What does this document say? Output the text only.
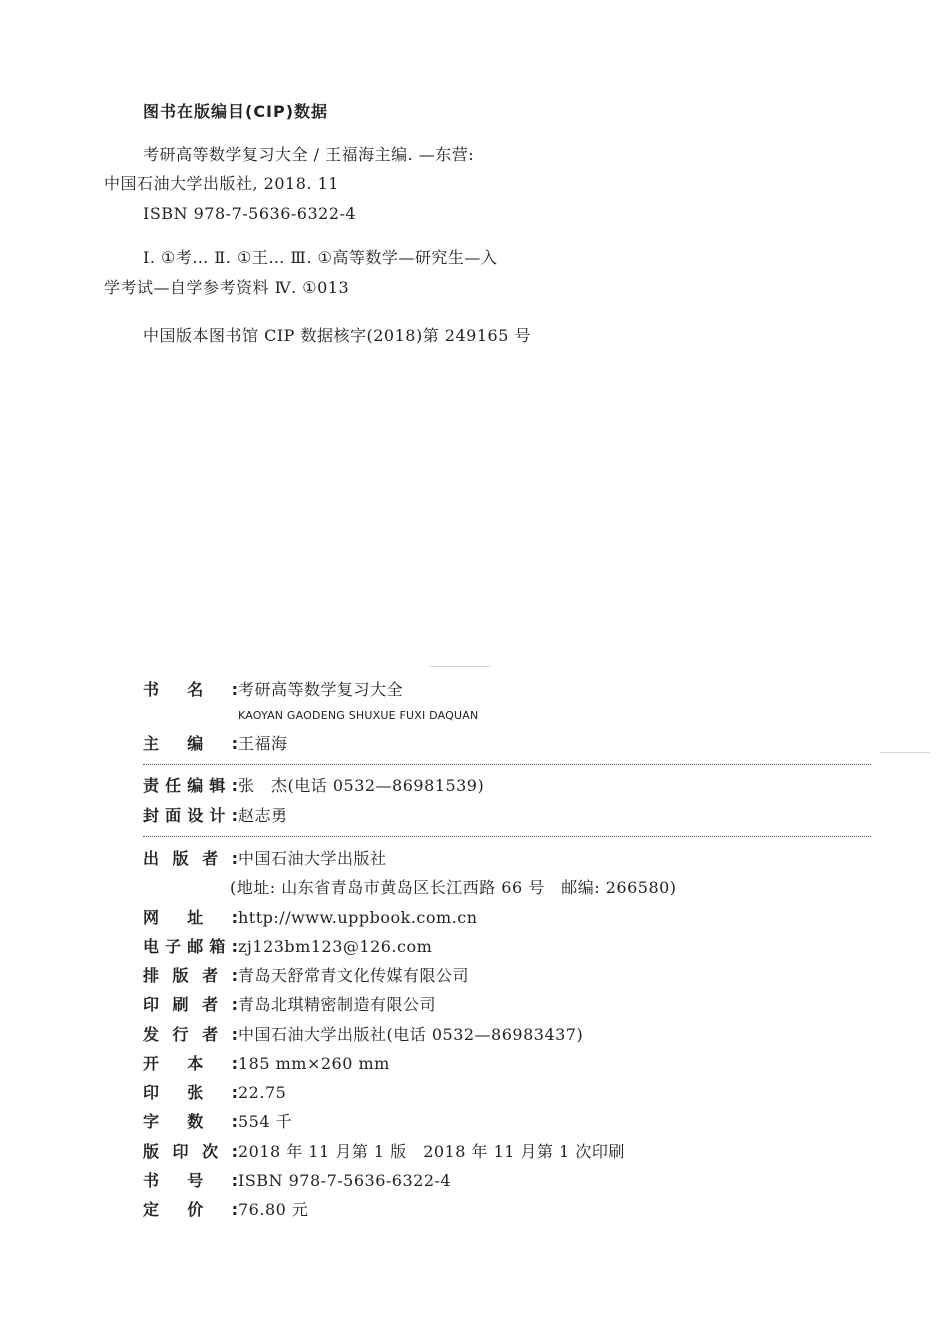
图书在版编目(CIP)数据
考研高等数学复习大全 / 王福海主编. —东营:
中国石油大学出版社, 2018. 11
ISBN 978-7-5636-6322-4
Ⅰ. ①考… Ⅱ. ①王… Ⅲ. ①高等数学—研究生—入
学考试—自学参考资料 Ⅳ. ①013
中国版本图书馆 CIP 数据核字(2018)第 249165 号
书 名 : 考研高等数学复习大全
KAOYAN GAODENG SHUXUE FUXI DAQUAN
主 编 : 王福海
责 任 编 辑 : 张　杰(电话 0532—86981539)
封 面 设 计 : 赵志勇
出 版 者 : 中国石油大学出版社
(地址: 山东省青岛市黄岛区长江西路 66 号　邮编: 266580)
网 址 : http://www.uppbook.com.cn
电 子 邮 箱 : zj123bm123@126.com
排 版 者 : 青岛天舒常青文化传媒有限公司
印 刷 者 : 青岛北琪精密制造有限公司
发 行 者 : 中国石油大学出版社(电话 0532—86983437)
开 本 : 185 mm×260 mm
印 张 : 22.75
字 数 : 554 千
版 印 次 : 2018 年 11 月第 1 版　2018 年 11 月第 1 次印刷
书 号 : ISBN 978-7-5636-6322-4
定 价 : 76.80 元
